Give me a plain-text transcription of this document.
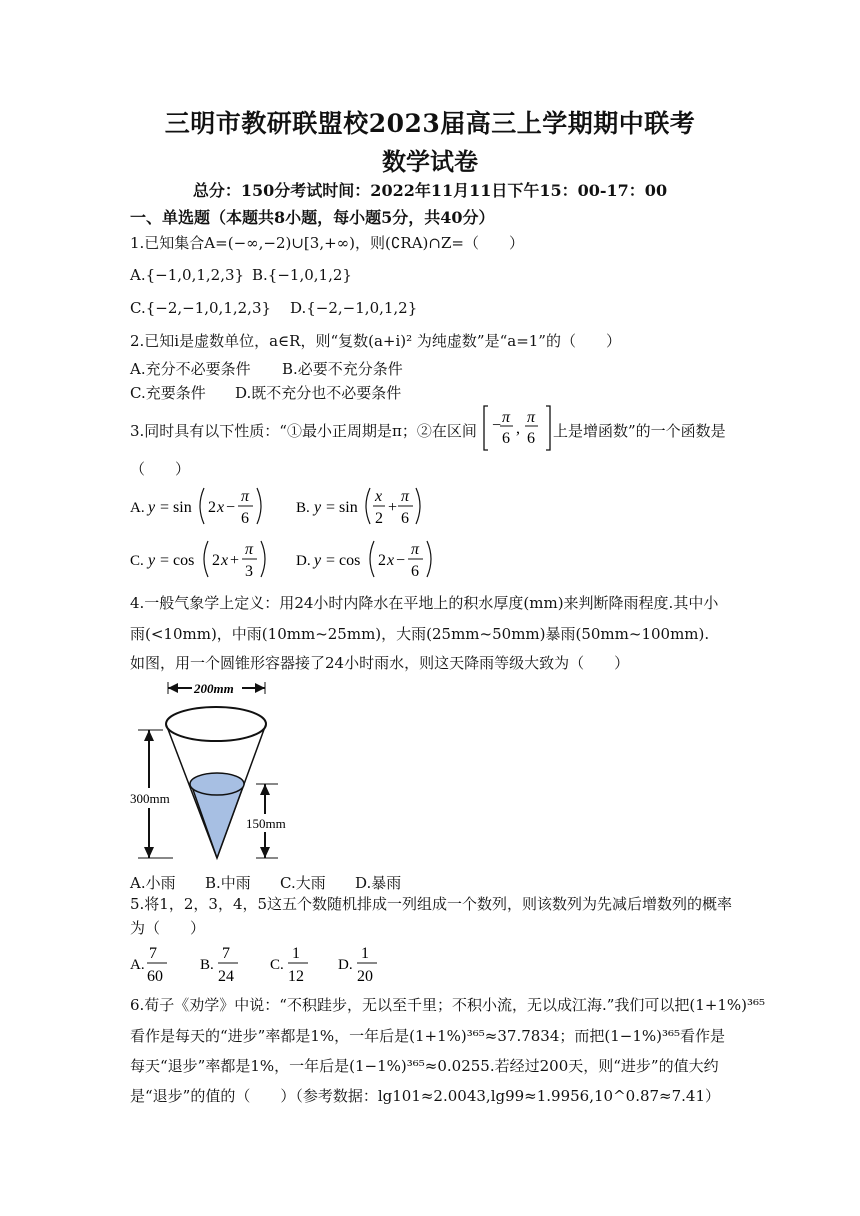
三明市教研联盟校2023届高三上学期期中联考
数学试卷
总分：150分考试时间：2022年11月11日下午15：00-17：00
一、单选题（本题共8小题，每小题5分，共40分）
1.已知集合A=(−∞,−2)∪[3,+∞)，则(∁RA)∩Z=（　　）
A.{−1,0,1,2,3} B.{−1,0,1,2}
C.{−2,−1,0,1,2,3} D.{−2,−1,0,1,2}
2.已知i是虚数单位，a∈R，则“复数(a+i)² 为纯虚数”是“a=1”的（　　）
A.充分不必要条件 B.必要不充分条件
C.充要条件 D.既不充分也不必要条件
3.同时具有以下性质：“①最小正周期是π；②在区间 − π
6
,
π
6 上是增函数”的一个函数是
（　　）
A. y = sin 2 x −
π
6
B. y = sin
x
2
+
π
6
C. y = cos 2 x +
π
3
D. y = cos 2 x −
π
6
4.一般气象学上定义：用24小时内降水在平地上的积水厚度(mm)来判断降雨程度.其中小
雨(<10mm)，中雨(10mm~25mm)，大雨(25mm~50mm)暴雨(50mm~100mm).
如图，用一个圆锥形容器接了24小时雨水，则这天降雨等级大致为（　　）
200mm
300mm
150mm
A.小雨 B.中雨 C.大雨 D.暴雨
5.将1，2，3，4，5这五个数随机排成一列组成一个数列，则该数列为先减后增数列的概率
为（　　）
A.
7
60
B.
7
24
C.
1
12
D.
1
20
6.荀子《劝学》中说：“不积跬步，无以至千里；不积小流，无以成江海.”我们可以把(1+1%)³⁶⁵
看作是每天的“进步”率都是1%，一年后是(1+1%)³⁶⁵≈37.7834；而把(1−1%)³⁶⁵看作是
每天“退步”率都是1%，一年后是(1−1%)³⁶⁵≈0.0255.若经过200天，则“进步”的值大约
是“退步”的值的（　　）（参考数据：lg101≈2.0043,lg99≈1.9956,10^0.87≈7.41）
